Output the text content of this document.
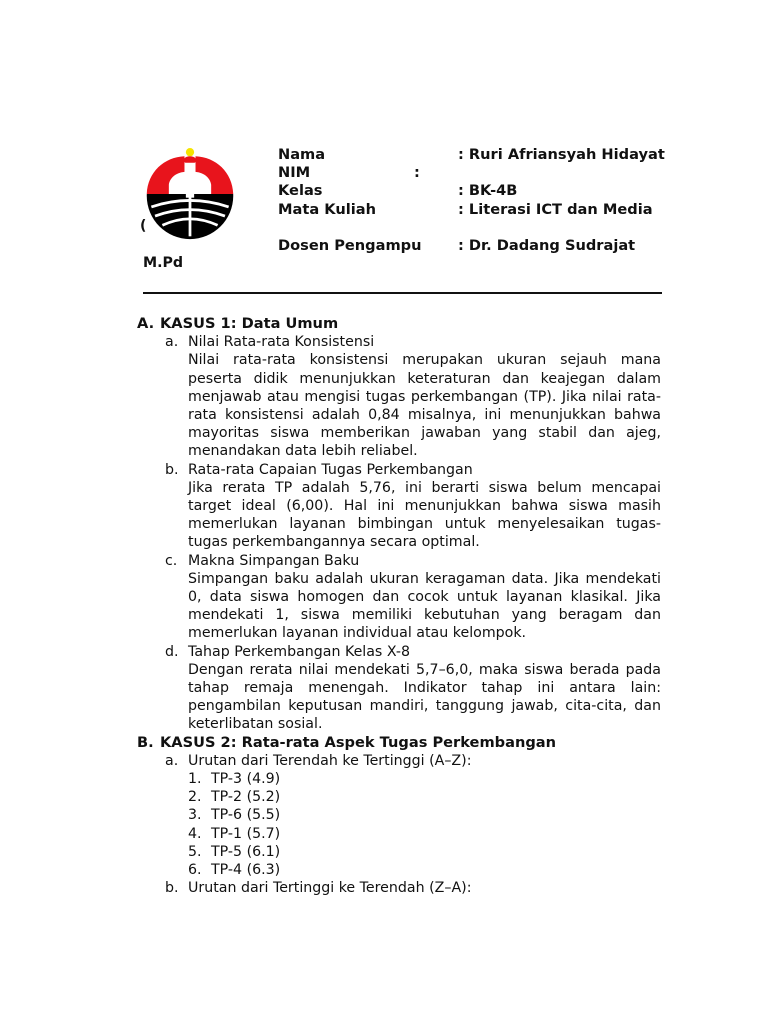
(
M.Pd
Nama	: Ruri Afriansyah Hidayat
NIM	:
Kelas	: BK-4B
Mata Kuliah	: Literasi ICT dan Media
Dosen Pengampu : Dr. Dadang Sudrajat
A. KASUS 1: Data Umum
a. Nilai Rata-rata Konsistensi
Nilai rata-rata konsistensi merupakan ukuran sejauh mana peserta didik menunjukkan keteraturan dan keajegan dalam menjawab atau mengisi tugas perkembangan (TP). Jika nilai rata-rata konsistensi adalah 0,84 misalnya, ini menunjukkan bahwa mayoritas siswa memberikan jawaban yang stabil dan ajeg, menandakan data lebih reliabel.
b. Rata-rata Capaian Tugas Perkembangan
Jika rerata TP adalah 5,76, ini berarti siswa belum mencapai target ideal (6,00). Hal ini menunjukkan bahwa siswa masih memerlukan layanan bimbingan untuk menyelesaikan tugas-tugas perkembangannya secara optimal.
c. Makna Simpangan Baku
Simpangan baku adalah ukuran keragaman data. Jika mendekati 0, data siswa homogen dan cocok untuk layanan klasikal. Jika mendekati 1, siswa memiliki kebutuhan yang beragam dan memerlukan layanan individual atau kelompok.
d. Tahap Perkembangan Kelas X-8
Dengan rerata nilai mendekati 5,7–6,0, maka siswa berada pada tahap remaja menengah. Indikator tahap ini antara lain: pengambilan keputusan mandiri, tanggung jawab, cita-cita, dan keterlibatan sosial.
B. KASUS 2: Rata-rata Aspek Tugas Perkembangan
a. Urutan dari Terendah ke Tertinggi (A–Z):
1. TP-3 (4.9)
2. TP-2 (5.2)
3. TP-6 (5.5)
4. TP-1 (5.7)
5. TP-5 (6.1)
6. TP-4 (6.3)
b. Urutan dari Tertinggi ke Terendah (Z–A):
